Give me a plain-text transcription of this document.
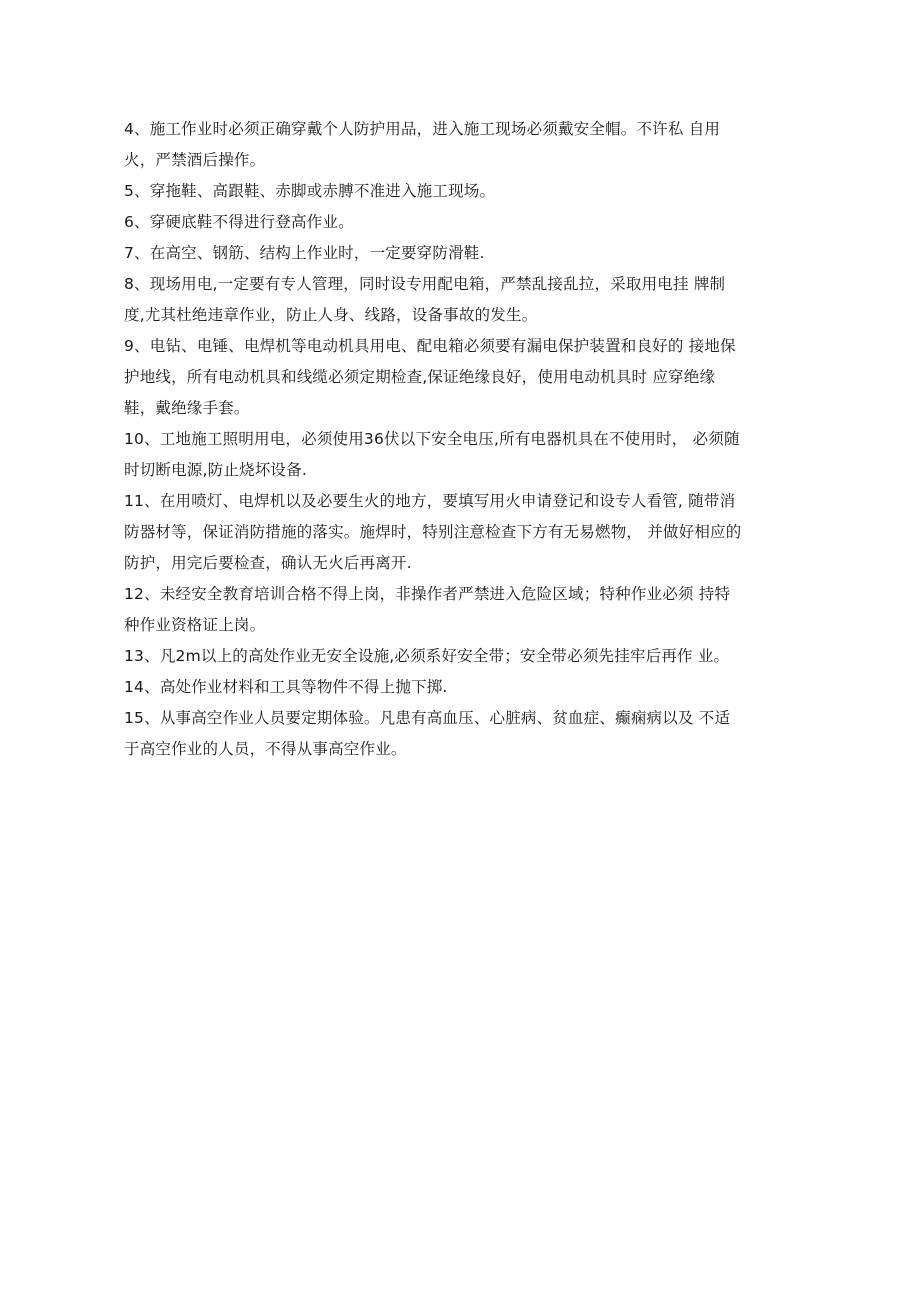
4、施工作业时必须正确穿戴个人防护用品，进入施工现场必须戴安全帽。不许私 自用
火，严禁酒后操作。

5、穿拖鞋、高跟鞋、赤脚或赤膊不准进入施工现场。

6、穿硬底鞋不得进行登高作业。

7、在高空、钢筋、结构上作业时，一定要穿防滑鞋.

8、现场用电,一定要有专人管理，同时设专用配电箱，严禁乱接乱拉，采取用电挂 牌制
度,尤其杜绝违章作业，防止人身、线路，设备事故的发生。

9、电钻、电锤、电焊机等电动机具用电、配电箱必须要有漏电保护装置和良好的 接地保
护地线，所有电动机具和线缆必须定期检查,保证绝缘良好，使用电动机具时 应穿绝缘
鞋，戴绝缘手套。

10、工地施工照明用电，必须使用36伏以下安全电压,所有电器机具在不使用时， 必须随
时切断电源,防止烧坏设备.

11、在用喷灯、电焊机以及必要生火的地方，要填写用火申请登记和设专人看管, 随带消
防器材等，保证消防措施的落实。施焊时，特别注意检查下方有无易燃物， 并做好相应的
防护，用完后要检查，确认无火后再离开.

12、未经安全教育培训合格不得上岗，非操作者严禁进入危险区域；特种作业必须 持特
种作业资格证上岗。

13、凡2m以上的高处作业无安全设施,必须系好安全带；安全带必须先挂牢后再作 业。

14、高处作业材料和工具等物件不得上抛下掷.

15、从事高空作业人员要定期体验。凡患有高血压、心脏病、贫血症、癫痫病以及 不适
于高空作业的人员，不得从事高空作业。
